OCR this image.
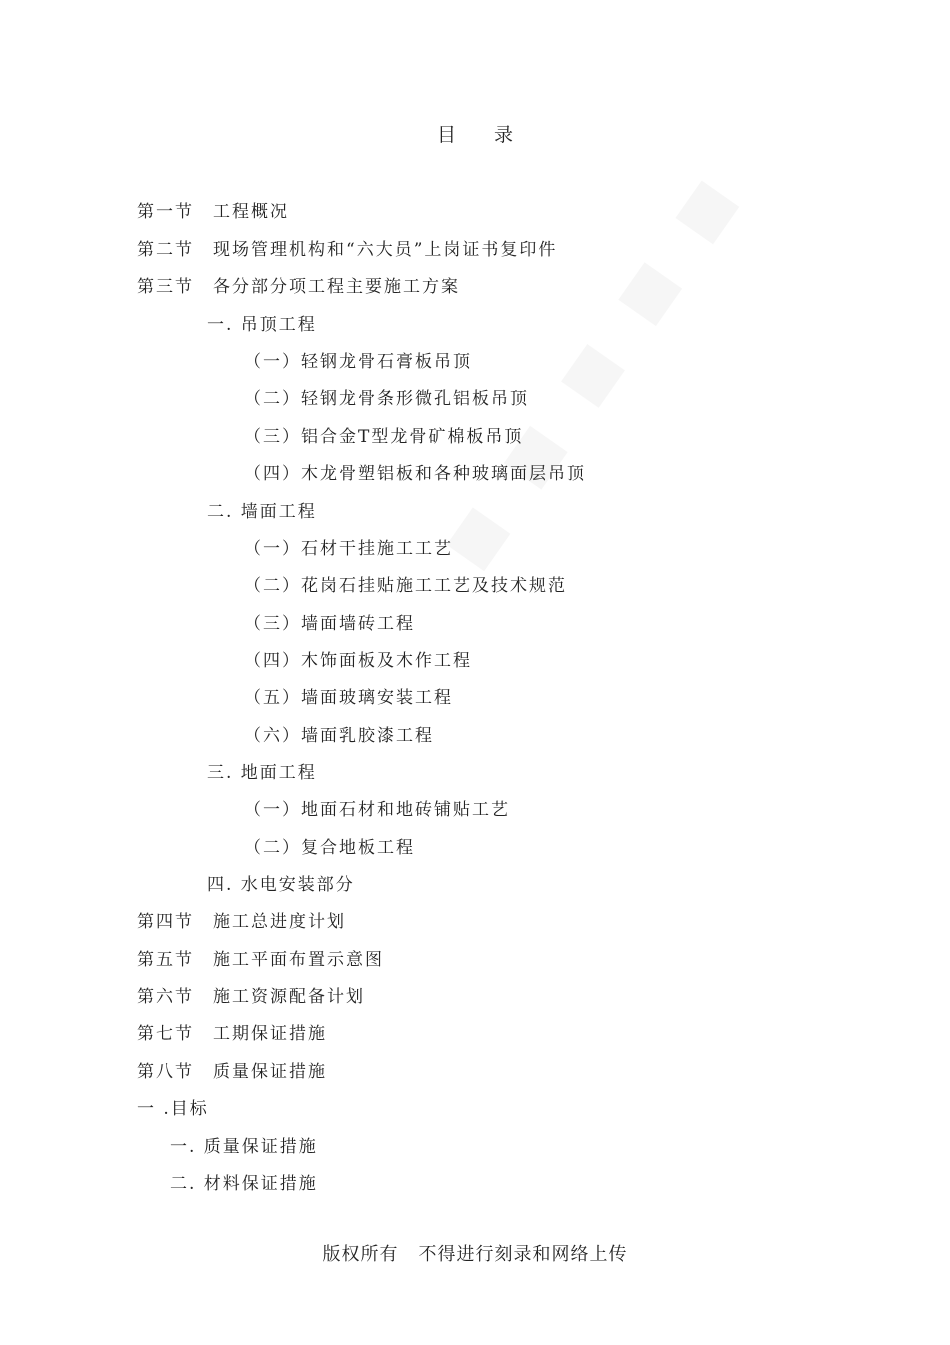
目 录
第一节 工程概况
第二节 现场管理机构和“六大员”上岗证书复印件
第三节 各分部分项工程主要施工方案
一. 吊顶工程
（一）轻钢龙骨石膏板吊顶
（二）轻钢龙骨条形微孔铝板吊顶
（三）铝合金T型龙骨矿棉板吊顶
（四）木龙骨塑铝板和各种玻璃面层吊顶
二. 墙面工程
（一）石材干挂施工工艺
（二）花岗石挂贴施工工艺及技术规范
（三）墙面墙砖工程
（四）木饰面板及木作工程
（五）墙面玻璃安装工程
（六）墙面乳胶漆工程
三. 地面工程
（一）地面石材和地砖铺贴工艺
（二）复合地板工程
四. 水电安装部分
第四节 施工总进度计划
第五节 施工平面布置示意图
第六节 施工资源配备计划
第七节 工期保证措施
第八节 质量保证措施
一 .目标
一. 质量保证措施
二. 材料保证措施
版权所有 不得进行刻录和网络上传
